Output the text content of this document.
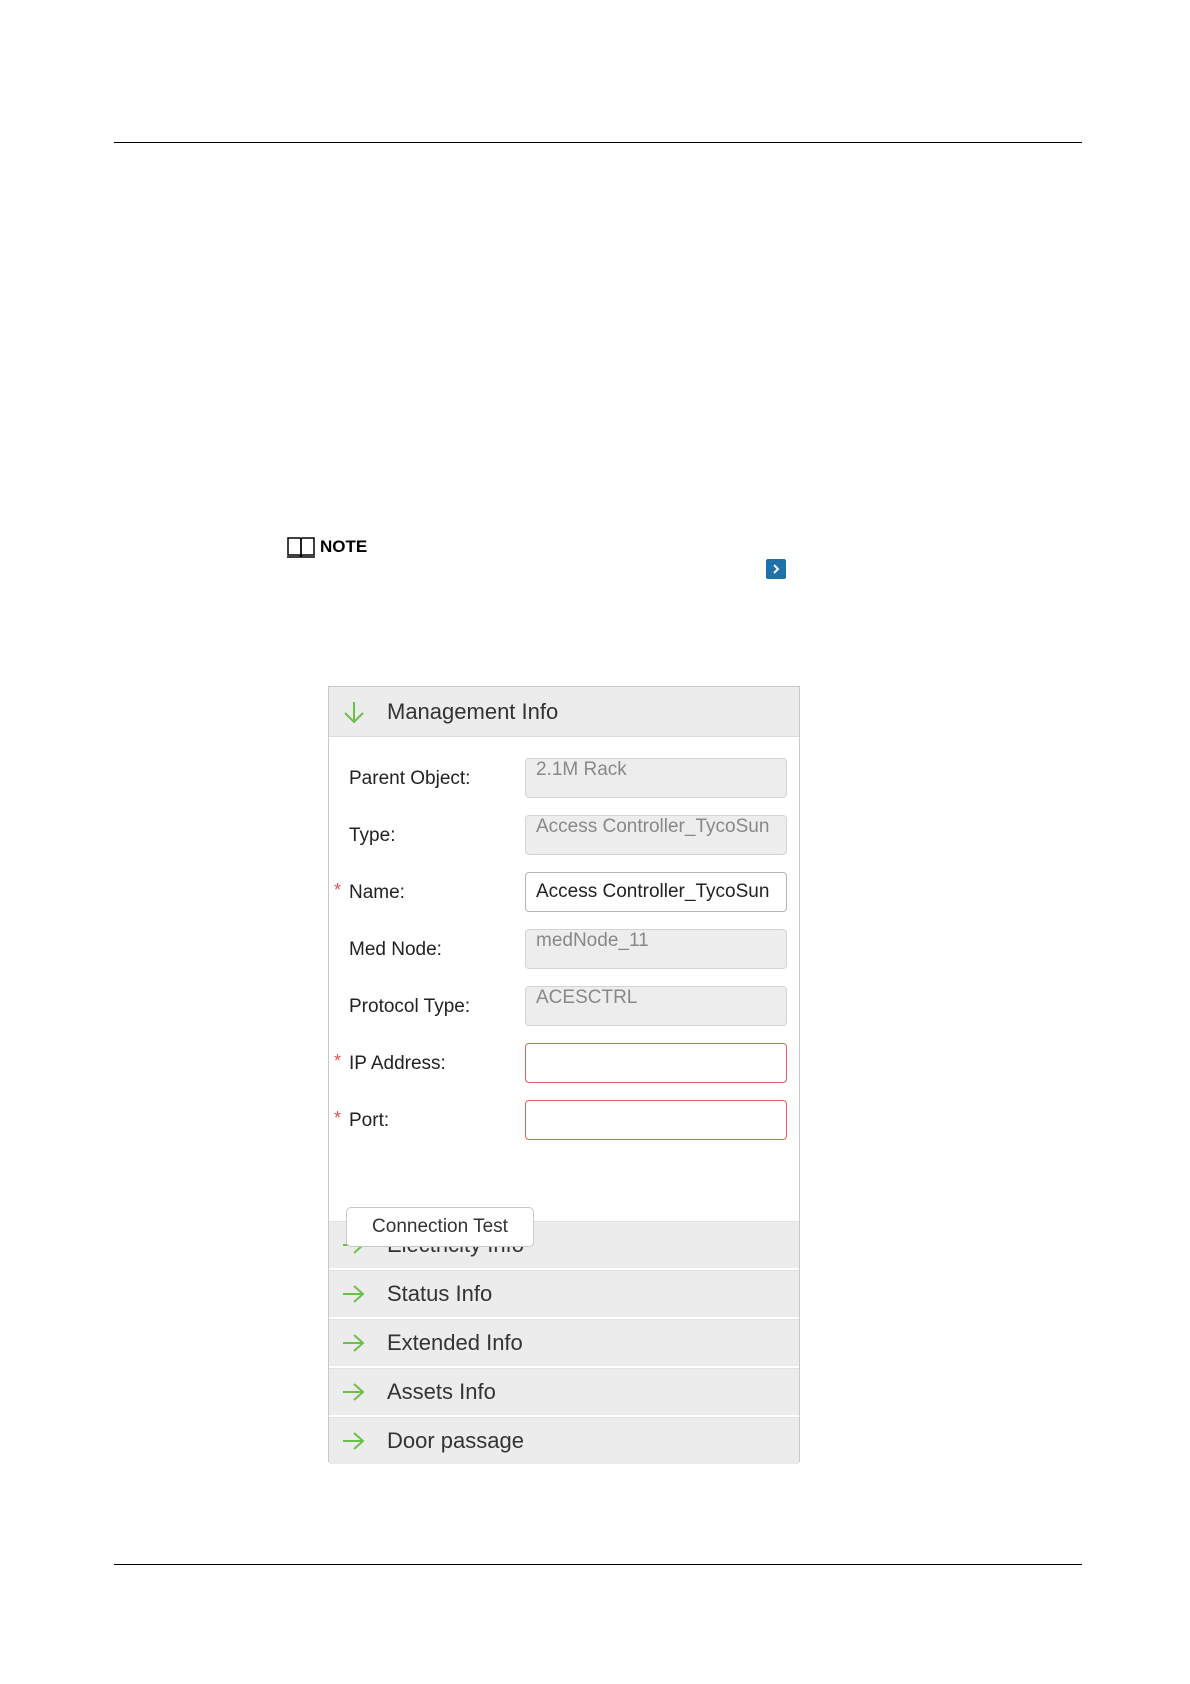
NOTE
Management Info
Parent Object:	2.1M Rack
Type:	Access Controller_TycoSun
* Name:
Access Controller_TycoSun
Med Node:	medNode_11
Protocol Type:	ACESCTRL
* IP Address:
* Port:
Connection Test
Status Info
Extended Info
Assets Info
Door passage
